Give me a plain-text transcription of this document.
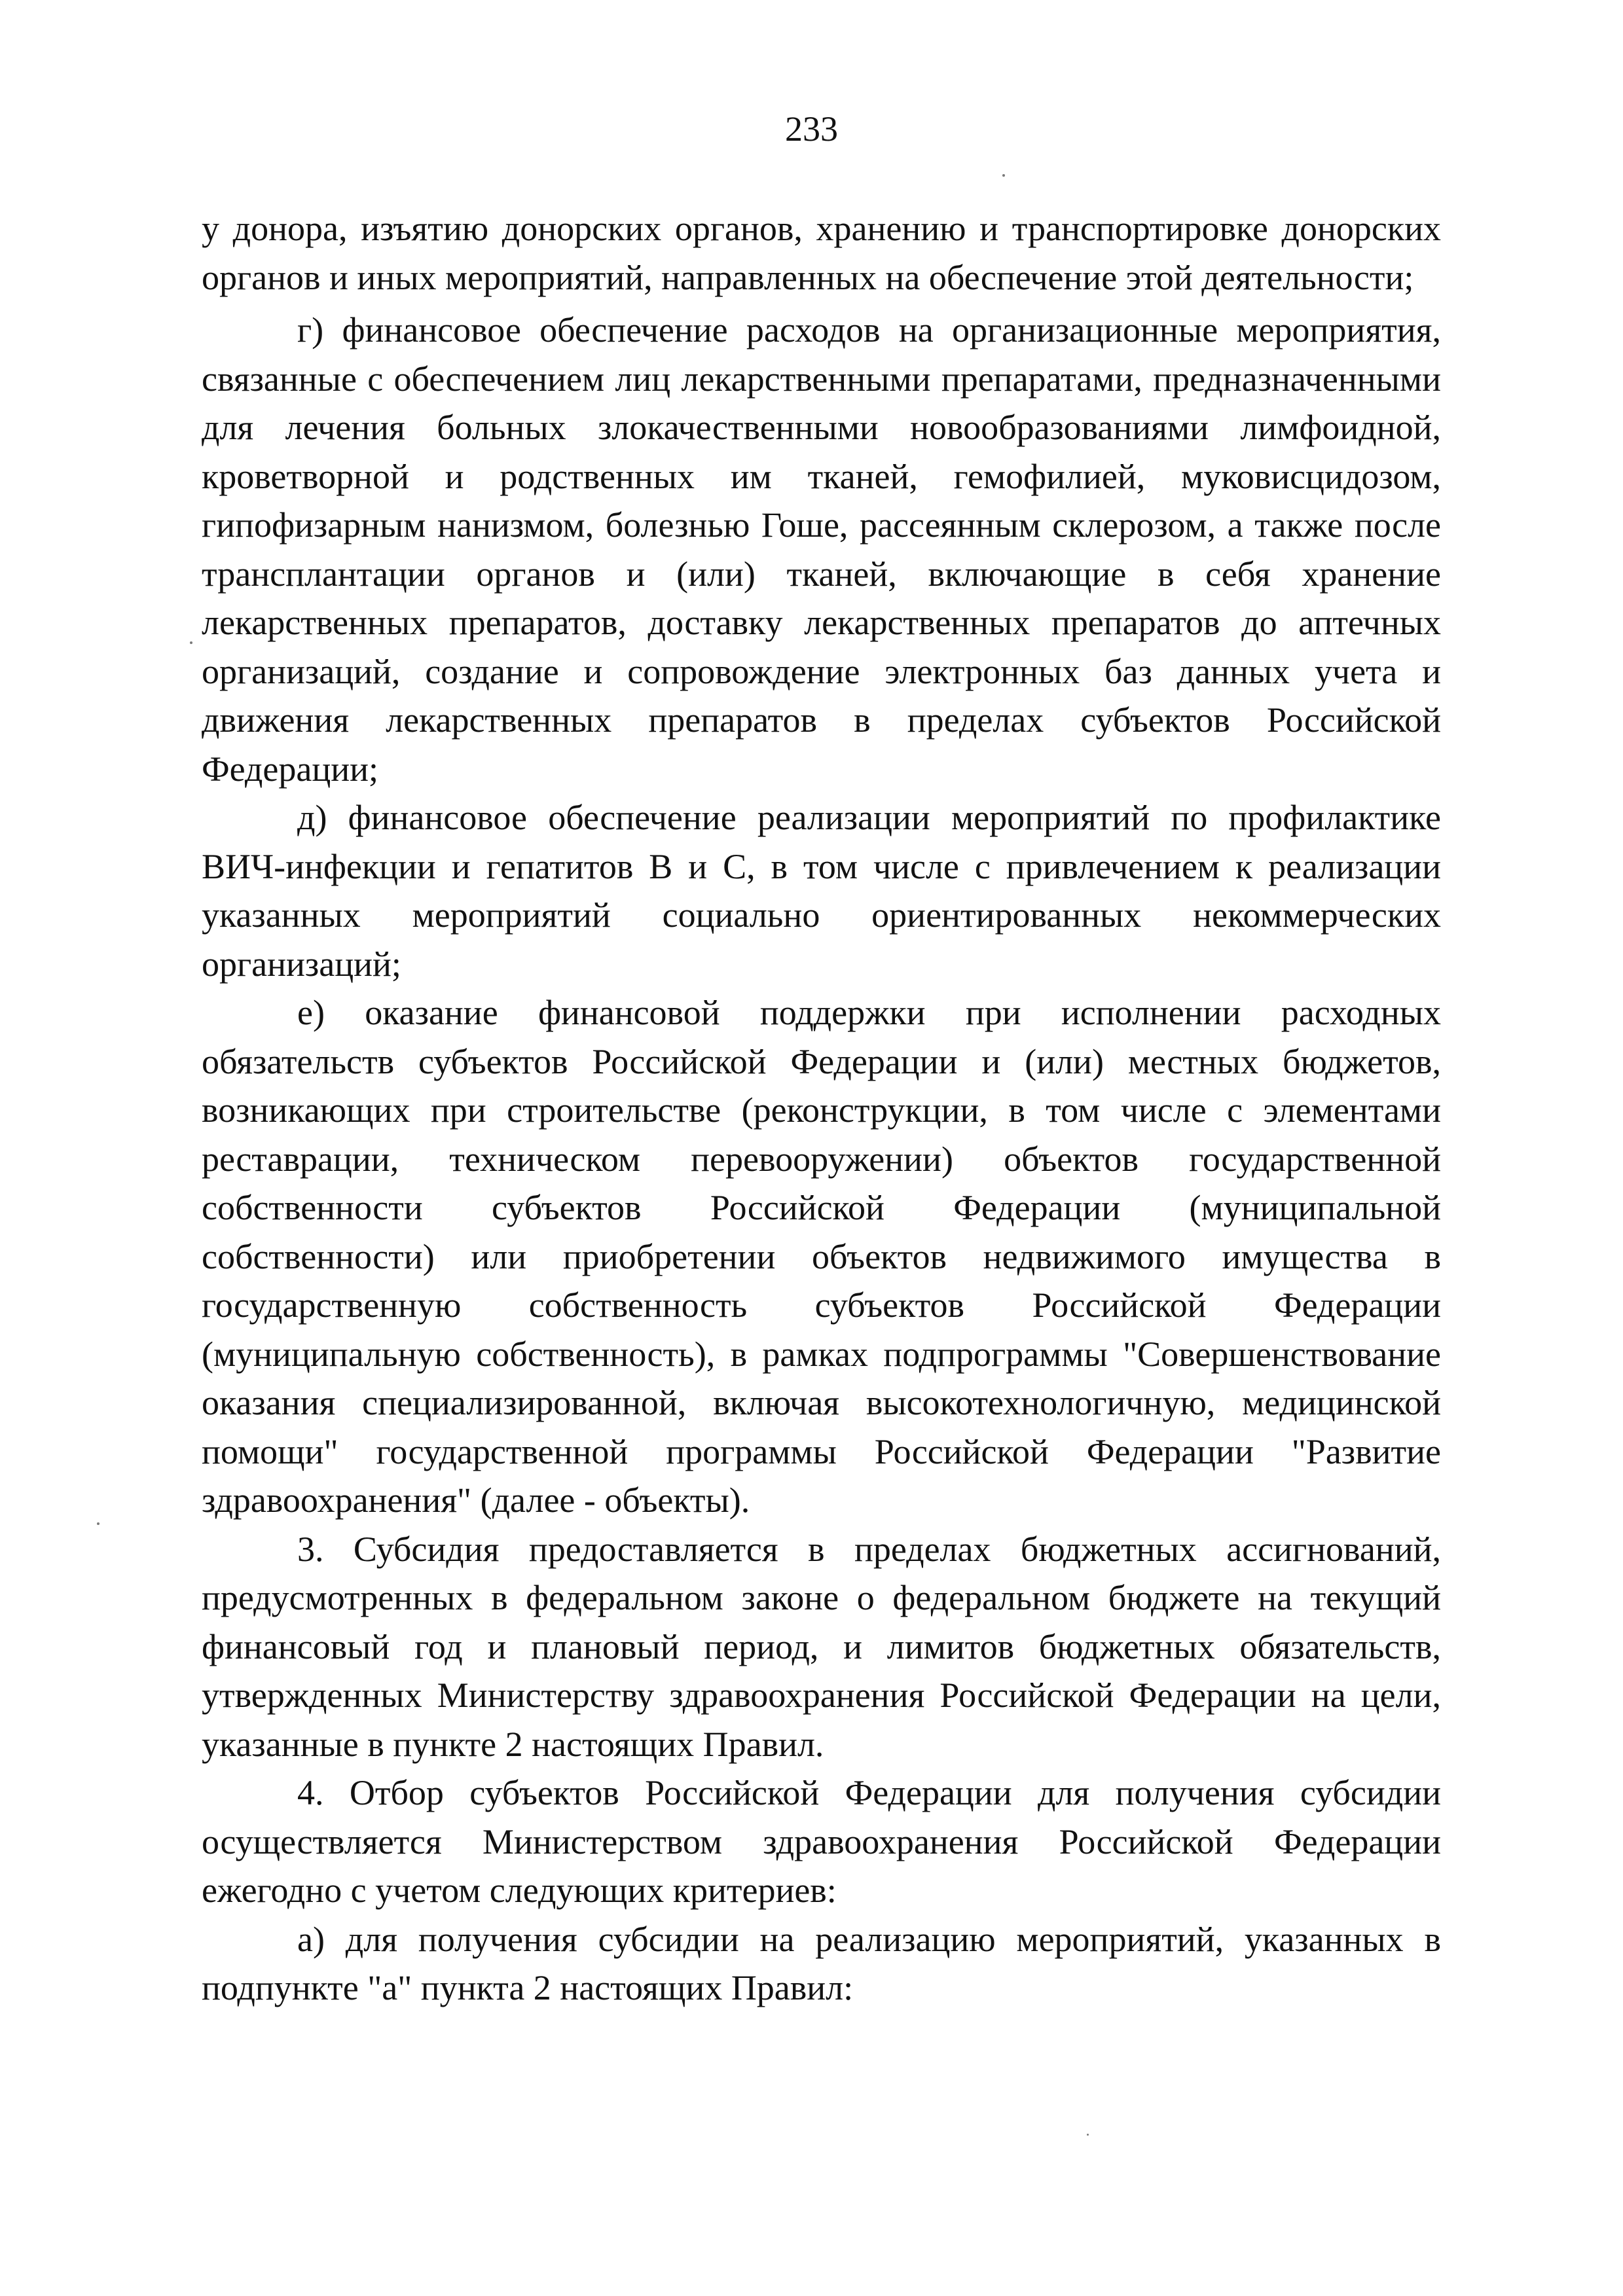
233

у донора, изъятию донорских органов, хранению и транспортировке донорских органов и иных мероприятий, направленных на обеспечение этой деятельности;

г) финансовое обеспечение расходов на организационные мероприятия, связанные с обеспечением лиц лекарственными препаратами, предназначенными для лечения больных злокачественными новообразованиями лимфоидной, кроветворной и родственных им тканей, гемофилией, муковисцидозом, гипофизарным нанизмом, болезнью Гоше, рассеянным склерозом, а также после трансплантации органов и (или) тканей, включающие в себя хранение лекарственных препаратов, доставку лекарственных препаратов до аптечных организаций, создание и сопровождение электронных баз данных учета и движения лекарственных препаратов в пределах субъектов Российской Федерации;

д) финансовое обеспечение реализации мероприятий по профилактике ВИЧ-инфекции и гепатитов В и С, в том числе с привлечением к реализации указанных мероприятий социально ориентированных некоммерческих организаций;

е) оказание финансовой поддержки при исполнении расходных обязательств субъектов Российской Федерации и (или) местных бюджетов, возникающих при строительстве (реконструкции, в том числе с элементами реставрации, техническом перевооружении) объектов государственной собственности субъектов Российской Федерации (муниципальной собственности) или приобретении объектов недвижимого имущества в государственную собственность субъектов Российской Федерации (муниципальную собственность), в рамках подпрограммы "Совершенствование оказания специализированной, включая высокотехнологичную, медицинской помощи" государственной программы Российской Федерации "Развитие здравоохранения" (далее - объекты).

3. Субсидия предоставляется в пределах бюджетных ассигнований, предусмотренных в федеральном законе о федеральном бюджете на текущий финансовый год и плановый период, и лимитов бюджетных обязательств, утвержденных Министерству здравоохранения Российской Федерации на цели, указанные в пункте 2 настоящих Правил.

4. Отбор субъектов Российской Федерации для получения субсидии осуществляется Министерством здравоохранения Российской Федерации ежегодно с учетом следующих критериев:

а) для получения субсидии на реализацию мероприятий, указанных в подпункте "а" пункта 2 настоящих Правил:
